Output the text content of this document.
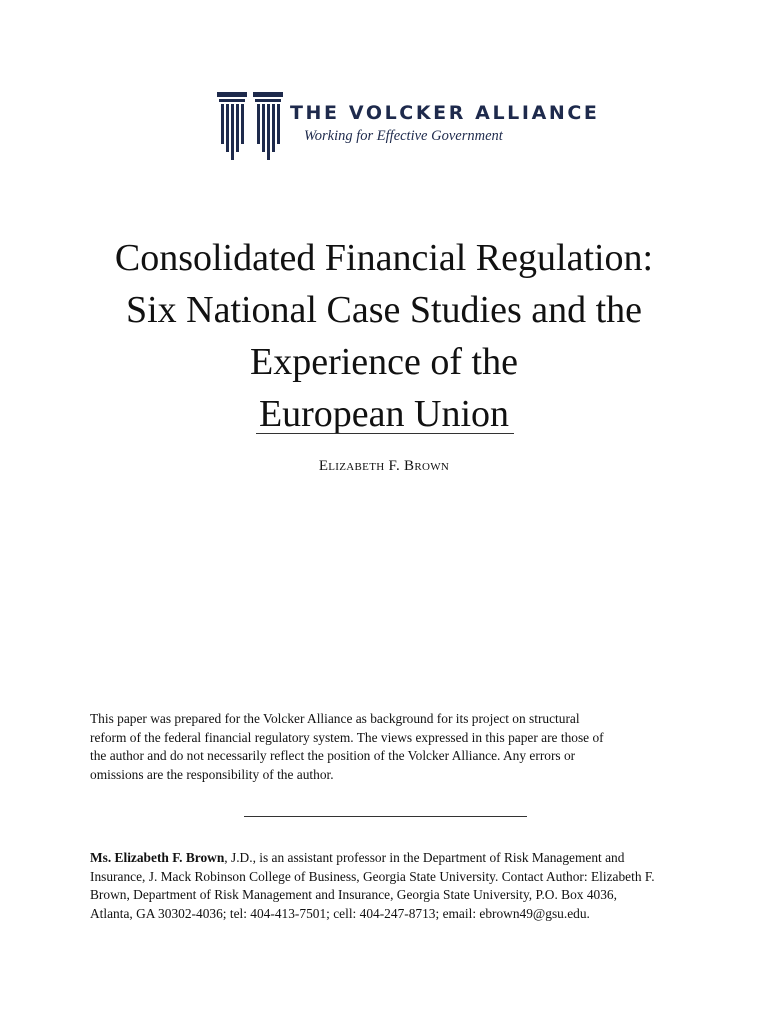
THE VOLCKER ALLIANCE
Working for Effective Government
Consolidated Financial Regulation:
Six National Case Studies and the
Experience of the
European Union
Elizabeth F. Brown
This paper was prepared for the Volcker Alliance as background for its project on structural
reform of the federal financial regulatory system. The views expressed in this paper are those of
the author and do not necessarily reflect the position of the Volcker Alliance. Any errors or
omissions are the responsibility of the author.
Ms. Elizabeth F. Brown, J.D., is an assistant professor in the Department of Risk Management and
Insurance, J. Mack Robinson College of Business, Georgia State University. Contact Author: Elizabeth F.
Brown, Department of Risk Management and Insurance, Georgia State University, P.O. Box 4036,
Atlanta, GA 30302-4036; tel: 404-413-7501; cell: 404-247-8713; email: ebrown49@gsu.edu.
